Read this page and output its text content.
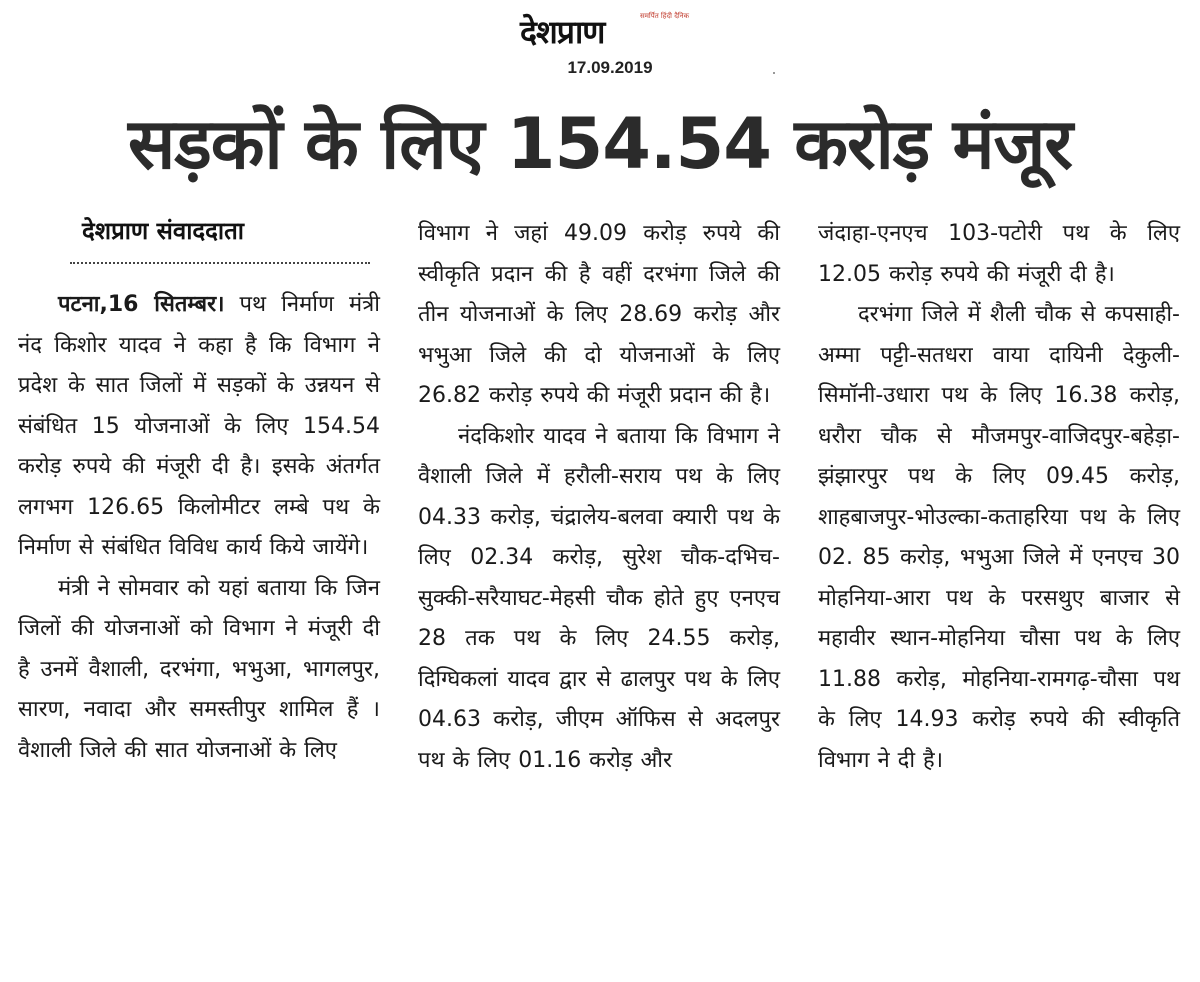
देशप्राण	समर्पित हिंदी दैनिक
17.09.2019
सड़कों के लिए 154.54 करोड़ मंजूर
देशप्राण संवाददाता

पटना,16 सितम्बर। पथ निर्माण मंत्री नंद किशोर यादव ने कहा है कि विभाग ने प्रदेश के सात जिलों में सड़कों के उन्नयन से संबंधित 15 योजनाओं के लिए 154.54 करोड़ रुपये की मंजूरी दी है। इसके अंतर्गत लगभग 126.65 किलोमीटर लम्बे पथ के निर्माण से संबंधित विविध कार्य किये जायेंगे।

मंत्री ने सोमवार को यहां बताया कि जिन जिलों की योजनाओं को विभाग ने मंजूरी दी है उनमें वैशाली, दरभंगा, भभुआ, भागलपुर, सारण, नवादा और समस्तीपुर शामिल हैं । वैशाली जिले की सात योजनाओं के लिए

विभाग ने जहां 49.09 करोड़ रुपये की स्वीकृति प्रदान की है वहीं दरभंगा जिले की तीन योजनाओं के लिए 28.69 करोड़ और भभुआ जिले की दो योजनाओं के लिए 26.82 करोड़ रुपये की मंजूरी प्रदान की है।

नंदकिशोर यादव ने बताया कि विभाग ने वैशाली जिले में हरौली-सराय पथ के लिए 04.33 करोड़, चंद्रालेय-बलवा क्यारी पथ के लिए 02.34 करोड़, सुरेश चौक-दभिच-सुक्की-सरैयाघट-मेहसी चौक होते हुए एनएच 28 तक पथ के लिए 24.55 करोड़, दिग्घिकलां यादव द्वार से ढालपुर पथ के लिए 04.63 करोड़, जीएम ऑफिस से अदलपुर पथ के लिए 01.16 करोड़ और

जंदाहा-एनएच 103-पटोरी पथ के लिए 12.05 करोड़ रुपये की मंजूरी दी है।

दरभंगा जिले में शैली चौक से कपसाही-अम्मा पट्टी-सतधरा वाया दायिनी देकुली- सिमॉनी-उधारा पथ के लिए 16.38 करोड़, धरौरा चौक से मौजमपुर-वाजिदपुर-बहेड़ा-झंझारपुर पथ के लिए 09.45 करोड़, शाहबाजपुर-भोउल्का-कताहरिया पथ के लिए 02. 85 करोड़, भभुआ जिले में एनएच 30 मोहनिया-आरा पथ के परसथुए बाजार से महावीर स्थान-मोहनिया चौसा पथ के लिए 11.88 करोड़, मोहनिया-रामगढ़-चौसा पथ के लिए 14.93 करोड़ रुपये की स्वीकृति विभाग ने दी है।
